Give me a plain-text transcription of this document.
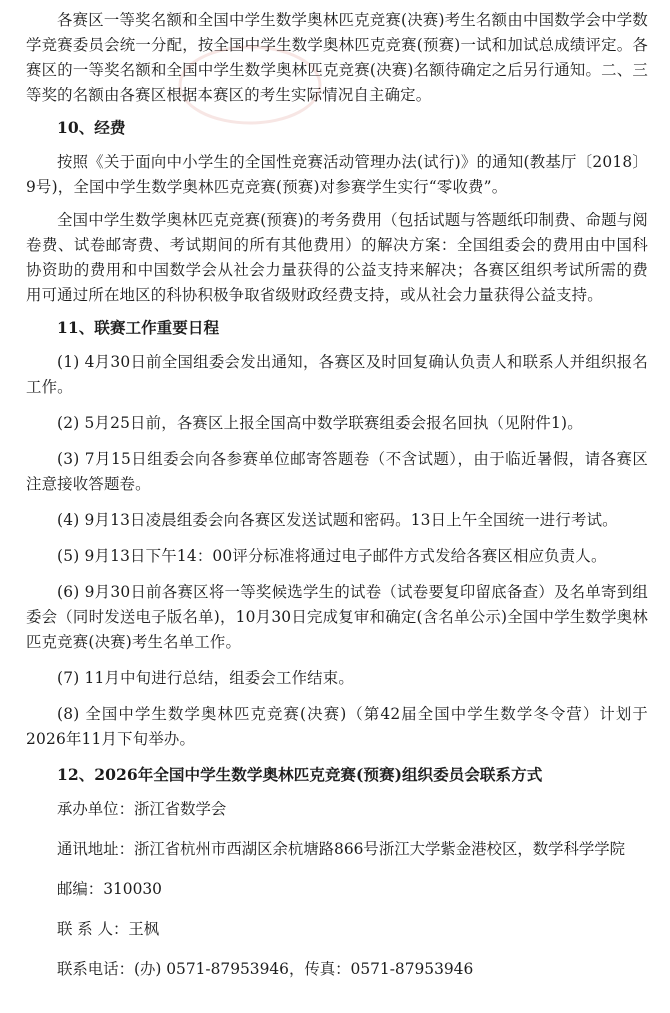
各赛区一等奖名额和全国中学生数学奥林匹克竞赛(决赛)考生名额由中国数学会中学数学竞赛委员会统一分配，按全国中学生数学奥林匹克竞赛(预赛)一试和加试总成绩评定。各赛区的一等奖名额和全国中学生数学奥林匹克竞赛(决赛)名额待确定之后另行通知。二、三等奖的名额由各赛区根据本赛区的考生实际情况自主确定。

10、经费

按照《关于面向中小学生的全国性竞赛活动管理办法(试行)》的通知(教基厅〔2018〕9号)，全国中学生数学奥林匹克竞赛(预赛)对参赛学生实行“零收费”。

全国中学生数学奥林匹克竞赛(预赛)的考务费用（包括试题与答题纸印制费、命题与阅卷费、试卷邮寄费、考试期间的所有其他费用）的解决方案：全国组委会的费用由中国科协资助的费用和中国数学会从社会力量获得的公益支持来解决；各赛区组织考试所需的费用可通过所在地区的科协积极争取省级财政经费支持，或从社会力量获得公益支持。

11、联赛工作重要日程

(1) 4月30日前全国组委会发出通知，各赛区及时回复确认负责人和联系人并组织报名工作。

(2) 5月25日前，各赛区上报全国高中数学联赛组委会报名回执（见附件1)。

(3) 7月15日组委会向各参赛单位邮寄答题卷（不含试题），由于临近暑假，请各赛区注意接收答题卷。

(4) 9月13日凌晨组委会向各赛区发送试题和密码。13日上午全国统一进行考试。

(5) 9月13日下午14：00评分标准将通过电子邮件方式发给各赛区相应负责人。

(6) 9月30日前各赛区将一等奖候选学生的试卷（试卷要复印留底备查）及名单寄到组委会（同时发送电子版名单)，10月30日完成复审和确定(含名单公示)全国中学生数学奥林匹克竞赛(决赛)考生名单工作。

(7) 11月中旬进行总结，组委会工作结束。

(8) 全国中学生数学奥林匹克竞赛(决赛)（第42届全国中学生数学冬令营）计划于2026年11月下旬举办。

12、2026年全国中学生数学奥林匹克竞赛(预赛)组织委员会联系方式

承办单位：浙江省数学会
通讯地址：浙江省杭州市西湖区余杭塘路866号浙江大学紫金港校区，数学科学学院
邮编：310030
联 系 人：王枫
联系电话：(办) 0571-87953946，传真：0571-87953946
